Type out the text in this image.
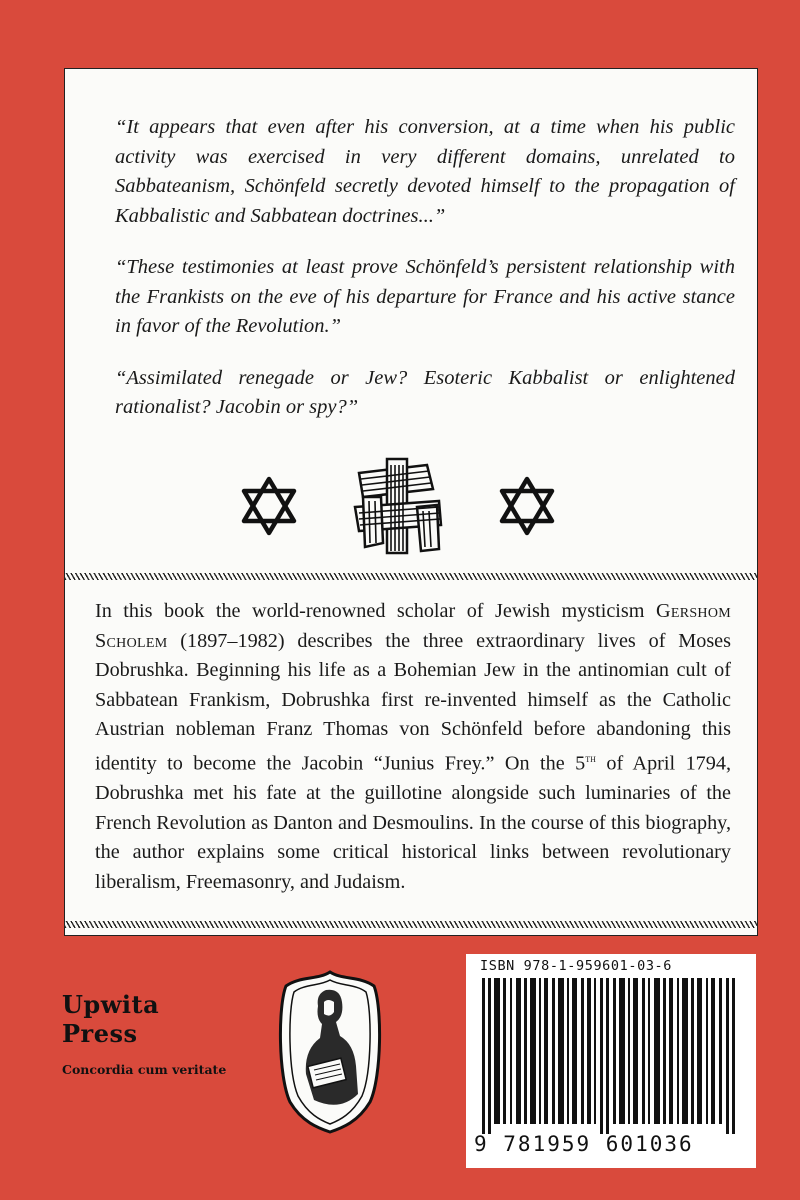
“It appears that even after his conversion, at a time when his public activity was exercised in very different domains, unrelated to Sabbateanism, Schönfeld secretly devoted himself to the propagation of Kabbalistic and Sabbatean doctrines...”

“These testimonies at least prove Schönfeld’s persistent relationship with the Frankists on the eve of his departure for France and his active stance in favor of the Revolution.”

“Assimilated renegade or Jew? Esoteric Kabbalist or enlightened rationalist? Jacobin or spy?”

In this book the world-renowned scholar of Jewish mysticism Gershom Scholem (1897–1982) describes the three extraordinary lives of Moses Dobrushka. Beginning his life as a Bohemian Jew in the antinomian cult of Sabbatean Frankism, Dobrushka first re-invented himself as the Catholic Austrian nobleman Franz Thomas von Schönfeld before abandoning this identity to become the Jacobin “Junius Frey.” On the 5th of April 1794, Dobrushka met his fate at the guillotine alongside such luminaries of the French Revolution as Danton and Desmoulins. In the course of this biography, the author explains some critical historical links between revolutionary liberalism, Freemasonry, and Judaism.
Upwita Press
Concordia cum veritate
ISBN 978-1-959601-03-6
9 781959 601036
